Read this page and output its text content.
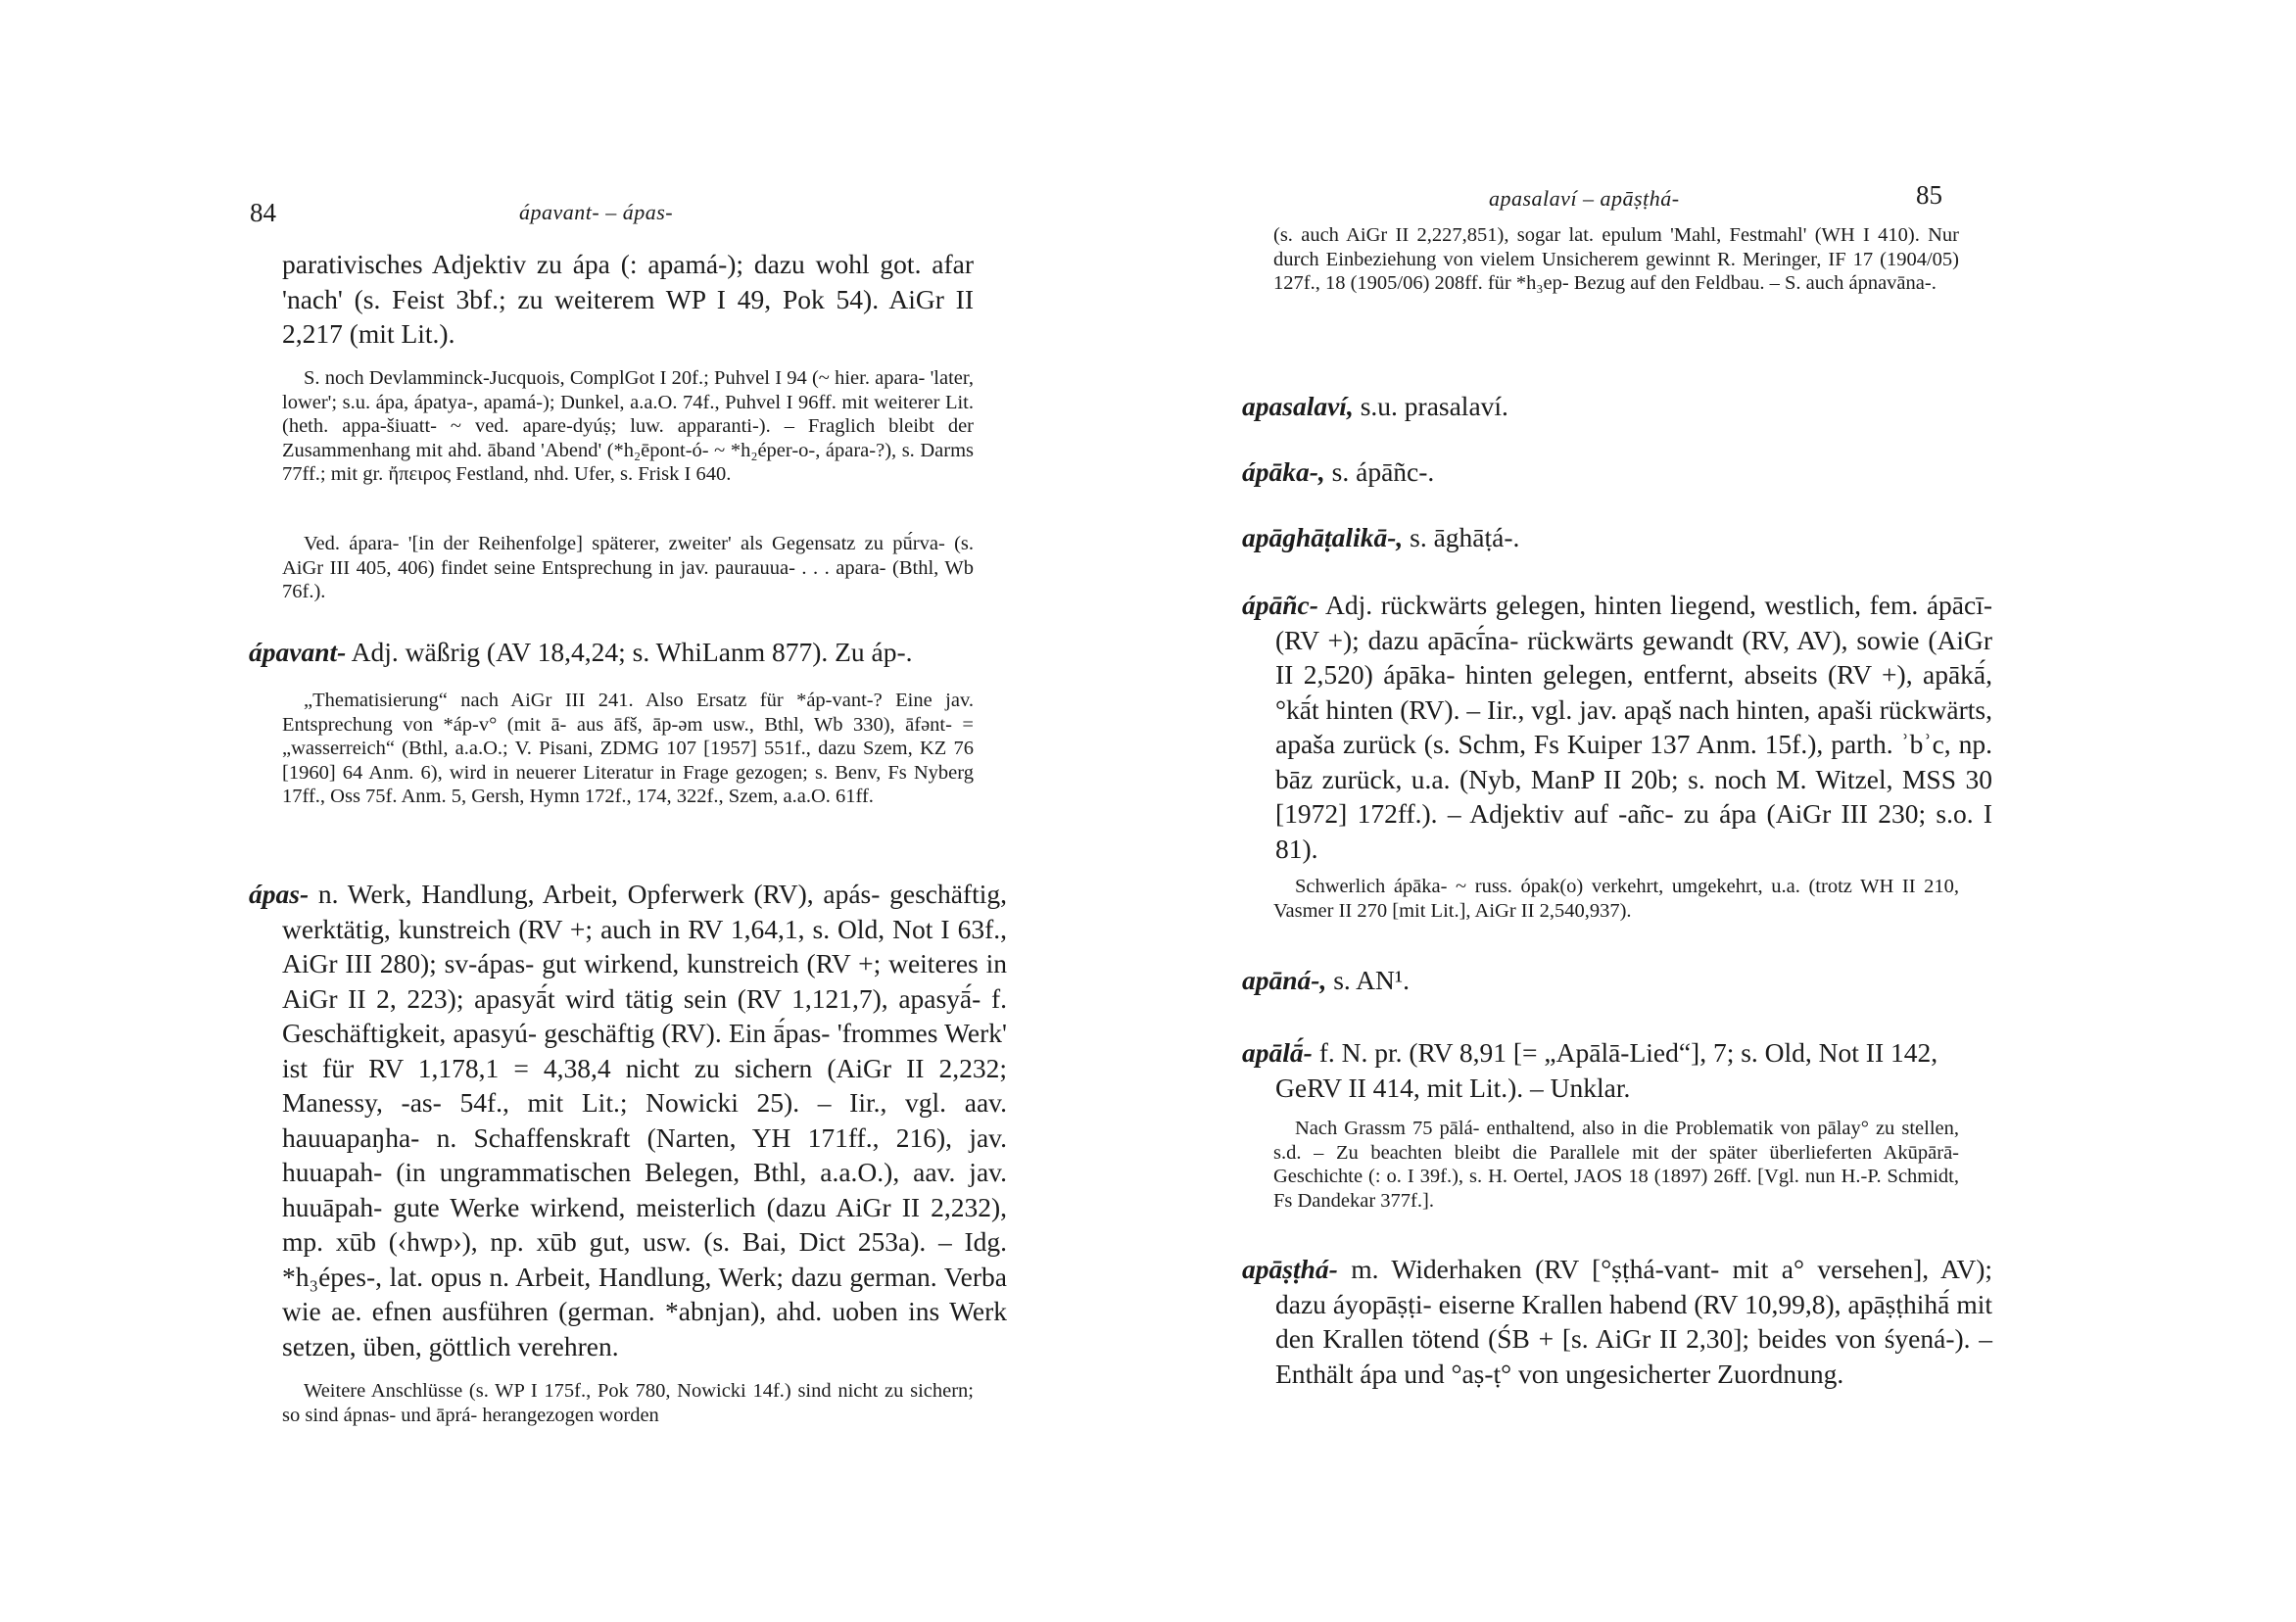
84	ápavant- – ápas-

parativisches Adjektiv zu ápa (: apamá-); dazu wohl got. afar 'nach' (s. Feist 3bf.; zu weiterem WP I 49, Pok 54). AiGr II 2,217 (mit Lit.).

S. noch Devlamminck-Jucquois, ComplGot I 20f.; Puhvel I 94 (~ hier. apara- 'later, lower'; s.u. ápa, ápatya-, apamá-); Dunkel, a.a.O. 74f., Puhvel I 96ff. mit weiterer Lit. (heth. appa-šiuatt- ~ ved. apare-dyúṣ; luw. apparanti-). – Fraglich bleibt der Zusammenhang mit ahd. āband 'Abend' (*h₂ēpont-ó- ~ *h₂éper-o-, ápara-?), s. Darms 77ff.; mit gr. ἤπειρος Festland, nhd. Ufer, s. Frisk I 640.

Ved. ápara- '[in der Reihenfolge] späterer, zweiter' als Gegensatz zu pū́rva- (s. AiGr III 405, 406) findet seine Entsprechung in jav. paurauua- . . . apara- (Bthl, Wb 76f.).

ápavant- Adj. wäßrig (AV 18,4,24; s. WhiLanm 877). Zu áp-.

„Thematisierung“ nach AiGr III 241. Also Ersatz für *áp-vant-? Eine jav. Entsprechung von *áp-v° (mit ā- aus āfš, āp-əm usw., Bthl, Wb 330), āfənt- = „wasserreich“ (Bthl, a.a.O.; V. Pisani, ZDMG 107 [1957] 551f., dazu Szem, KZ 76 [1960] 64 Anm. 6), wird in neuerer Literatur in Frage gezogen; s. Benv, Fs Nyberg 17ff., Oss 75f. Anm. 5, Gersh, Hymn 172f., 174, 322f., Szem, a.a.O. 61ff.

ápas- n. Werk, Handlung, Arbeit, Opferwerk (RV), apás- geschäftig, werktätig, kunstreich (RV +; auch in RV 1,64,1, s. Old, Not I 63f., AiGr III 280); sv-ápas- gut wirkend, kunstreich (RV +; weiteres in AiGr II 2, 223); apasyā́t wird tätig sein (RV 1,121,7), apasyā́- f. Geschäftigkeit, apasyú- geschäftig (RV). Ein ā́pas- 'frommes Werk' ist für RV 1,178,1 = 4,38,4 nicht zu sichern (AiGr II 2,232; Manessy, -as- 54f., mit Lit.; Nowicki 25). – Iir., vgl. aav. hauuapaŋha- n. Schaffenskraft (Narten, YH 171ff., 216), jav. huuapah- (in ungrammatischen Belegen, Bthl, a.a.O.), aav. jav. huuāpah- gute Werke wirkend, meisterlich (dazu AiGr II 2,232), mp. xūb (‹hwp›), np. xūb gut, usw. (s. Bai, Dict 253a). – Idg. *h₃épes-, lat. opus n. Arbeit, Handlung, Werk; dazu german. Verba wie ae. efnen ausführen (german. *abnjan), ahd. uoben ins Werk setzen, üben, göttlich verehren.

Weitere Anschlüsse (s. WP I 175f., Pok 780, Nowicki 14f.) sind nicht zu sichern; so sind ápnas- und āprá- herangezogen worden

apasalaví – apāṣṭhá-	85

(s. auch AiGr II 2,227,851), sogar lat. epulum 'Mahl, Festmahl' (WH I 410). Nur durch Einbeziehung von vielem Unsicherem gewinnt R. Meringer, IF 17 (1904/05) 127f., 18 (1905/06) 208ff. für *h₃ep- Bezug auf den Feldbau. – S. auch ápnavāna-.

apasalaví, s.u. prasalaví.

ápāka-, s. ápāñc-.

apāghāṭalikā-, s. āghāṭá-.

ápāñc- Adj. rückwärts gelegen, hinten liegend, westlich, fem. ápācī- (RV +); dazu apācī́na- rückwärts gewandt (RV, AV), sowie (AiGr II 2,520) ápāka- hinten gelegen, entfernt, abseits (RV +), apākā́, °kā́t hinten (RV). – Iir., vgl. jav. apąš nach hinten, apaši rückwärts, apaša zurück (s. Schm, Fs Kuiper 137 Anm. 15f.), parth. ʾbʾc, np. bāz zurück, u.a. (Nyb, ManP II 20b; s. noch M. Witzel, MSS 30 [1972] 172ff.). – Adjektiv auf -añc- zu ápa (AiGr III 230; s.o. I 81).

Schwerlich ápāka- ~ russ. ópak(o) verkehrt, umgekehrt, u.a. (trotz WH II 210, Vasmer II 270 [mit Lit.], AiGr II 2,540,937).

apāná-, s. AN¹.

apālā́- f. N. pr. (RV 8,91 [= „Apālā-Lied“], 7; s. Old, Not II 142, GeRV II 414, mit Lit.). – Unklar.

Nach Grassm 75 pālá- enthaltend, also in die Problematik von pālay° zu stellen, s.d. – Zu beachten bleibt die Parallele mit der später überlieferten Akūpārā-Geschichte (: o. I 39f.), s. H. Oertel, JAOS 18 (1897) 26ff. [Vgl. nun H.-P. Schmidt, Fs Dandekar 377f.].

apāṣṭhá- m. Widerhaken (RV [°ṣṭhá-vant- mit a° versehen], AV); dazu áyopāṣṭi- eiserne Krallen habend (RV 10,99,8), apāṣṭhihā́ mit den Krallen tötend (ŚB + [s. AiGr II 2,30]; beides von śyená-). – Enthält ápa und °aṣ-ṭ° von ungesicherter Zuordnung.
